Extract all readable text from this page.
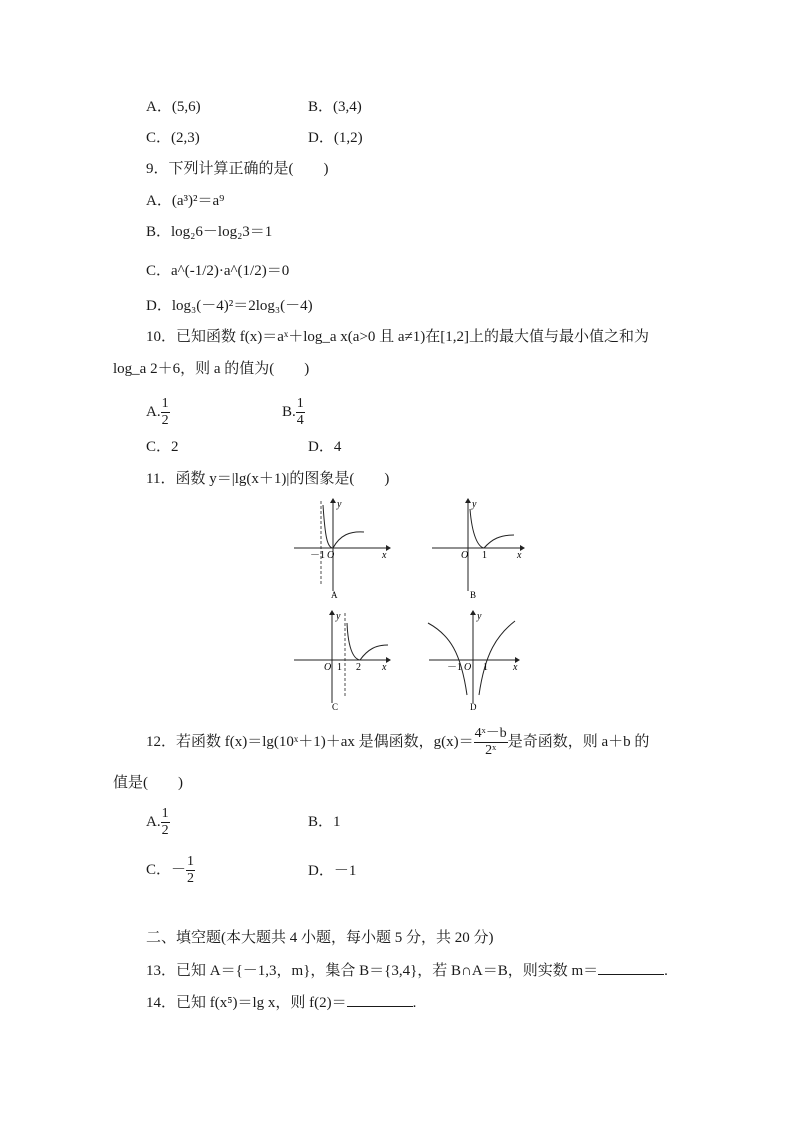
A．(5,6)	B．(3,4)
C．(2,3)	D．(1,2)
9．下列计算正确的是(　　)
A．(a³)²＝a⁹
B．log₂6－log₂3＝1
C．a^(-1/2)·a^(1/2)＝0
D．log₃(－4)²＝2log₃(－4)
10．已知函数 f(x)＝aˣ＋log_a x(a>0 且 a≠1)在[1,2]上的最大值与最小值之和为
log_a 2＋6，则 a 的值为(　　)
A. $\frac{1}{2}$	B. $\frac{1}{4}$
C．2	D．4
11．函数 y＝|lg(x＋1)|的图象是(　　)
y
x
－1 O
A
y
x
O 1
B
y
x
O 1 2
C
y
x
－1 O 1
D
12．若函数 f(x)＝lg(10ˣ＋1)＋ax 是偶函数，$g(x)= \frac{\text{4ˣ－b}}{\text{2ˣ}}$ 是奇函数，则 a＋b 的
值是(　　)
A. $\frac{1}{2}$	B．1
C．－ $\frac{1}{2}$	D．－1
二、填空题(本大题共 4 小题，每小题 5 分，共 20 分)
13．已知 A＝{－1,3，m}，集合 B＝{3,4}，若 B∩A＝B，则实数 m＝	.
14．已知 f(x⁵)＝lg x，则 f(2)＝	.
